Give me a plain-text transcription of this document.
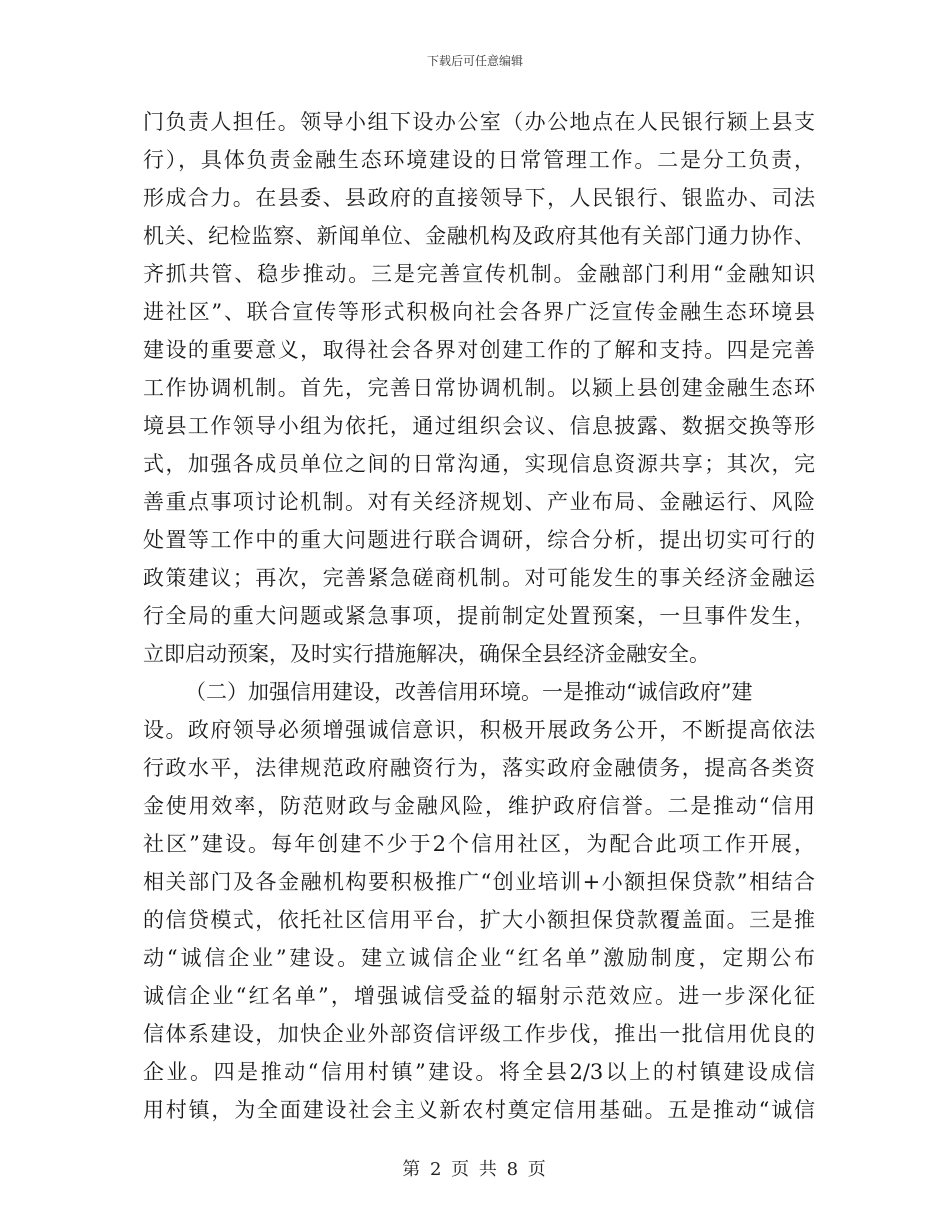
下载后可任意编辑
门负责人担任。领导小组下设办公室（办公地点在人民银行颍上县支
行），具体负责金融生态环境建设的日常管理工作。二是分工负责，
形成合力。在县委、县政府的直接领导下，人民银行、银监办、司法
机关、纪检监察、新闻单位、金融机构及政府其他有关部门通力协作、
齐抓共管、稳步推动。三是完善宣传机制。金融部门利用“金融知识
进社区”、联合宣传等形式积极向社会各界广泛宣传金融生态环境县
建设的重要意义，取得社会各界对创建工作的了解和支持。四是完善
工作协调机制。首先，完善日常协调机制。以颍上县创建金融生态环
境县工作领导小组为依托，通过组织会议、信息披露、数据交换等形
式，加强各成员单位之间的日常沟通，实现信息资源共享；其次，完
善重点事项讨论机制。对有关经济规划、产业布局、金融运行、风险
处置等工作中的重大问题进行联合调研，综合分析，提出切实可行的
政策建议；再次，完善紧急磋商机制。对可能发生的事关经济金融运
行全局的重大问题或紧急事项，提前制定处置预案，一旦事件发生，
立即启动预案，及时实行措施解决，确保全县经济金融安全。
（二）加强信用建设，改善信用环境。一是推动“诚信政府”建
设。政府领导必须增强诚信意识，积极开展政务公开，不断提高依法
行政水平，法律规范政府融资行为，落实政府金融债务，提高各类资
金使用效率，防范财政与金融风险，维护政府信誉。二是推动“信用
社区”建设。每年创建不少于2个信用社区，为配合此项工作开展，
相关部门及各金融机构要积极推广“创业培训+小额担保贷款”相结合
的信贷模式，依托社区信用平台，扩大小额担保贷款覆盖面。三是推
动“诚信企业”建设。建立诚信企业“红名单”激励制度，定期公布
诚信企业“红名单”，增强诚信受益的辐射示范效应。进一步深化征
信体系建设，加快企业外部资信评级工作步伐，推出一批信用优良的
企业。四是推动“信用村镇”建设。将全县2/3以上的村镇建设成信
用村镇，为全面建设社会主义新农村奠定信用基础。五是推动“诚信
第 2 页 共 8 页
